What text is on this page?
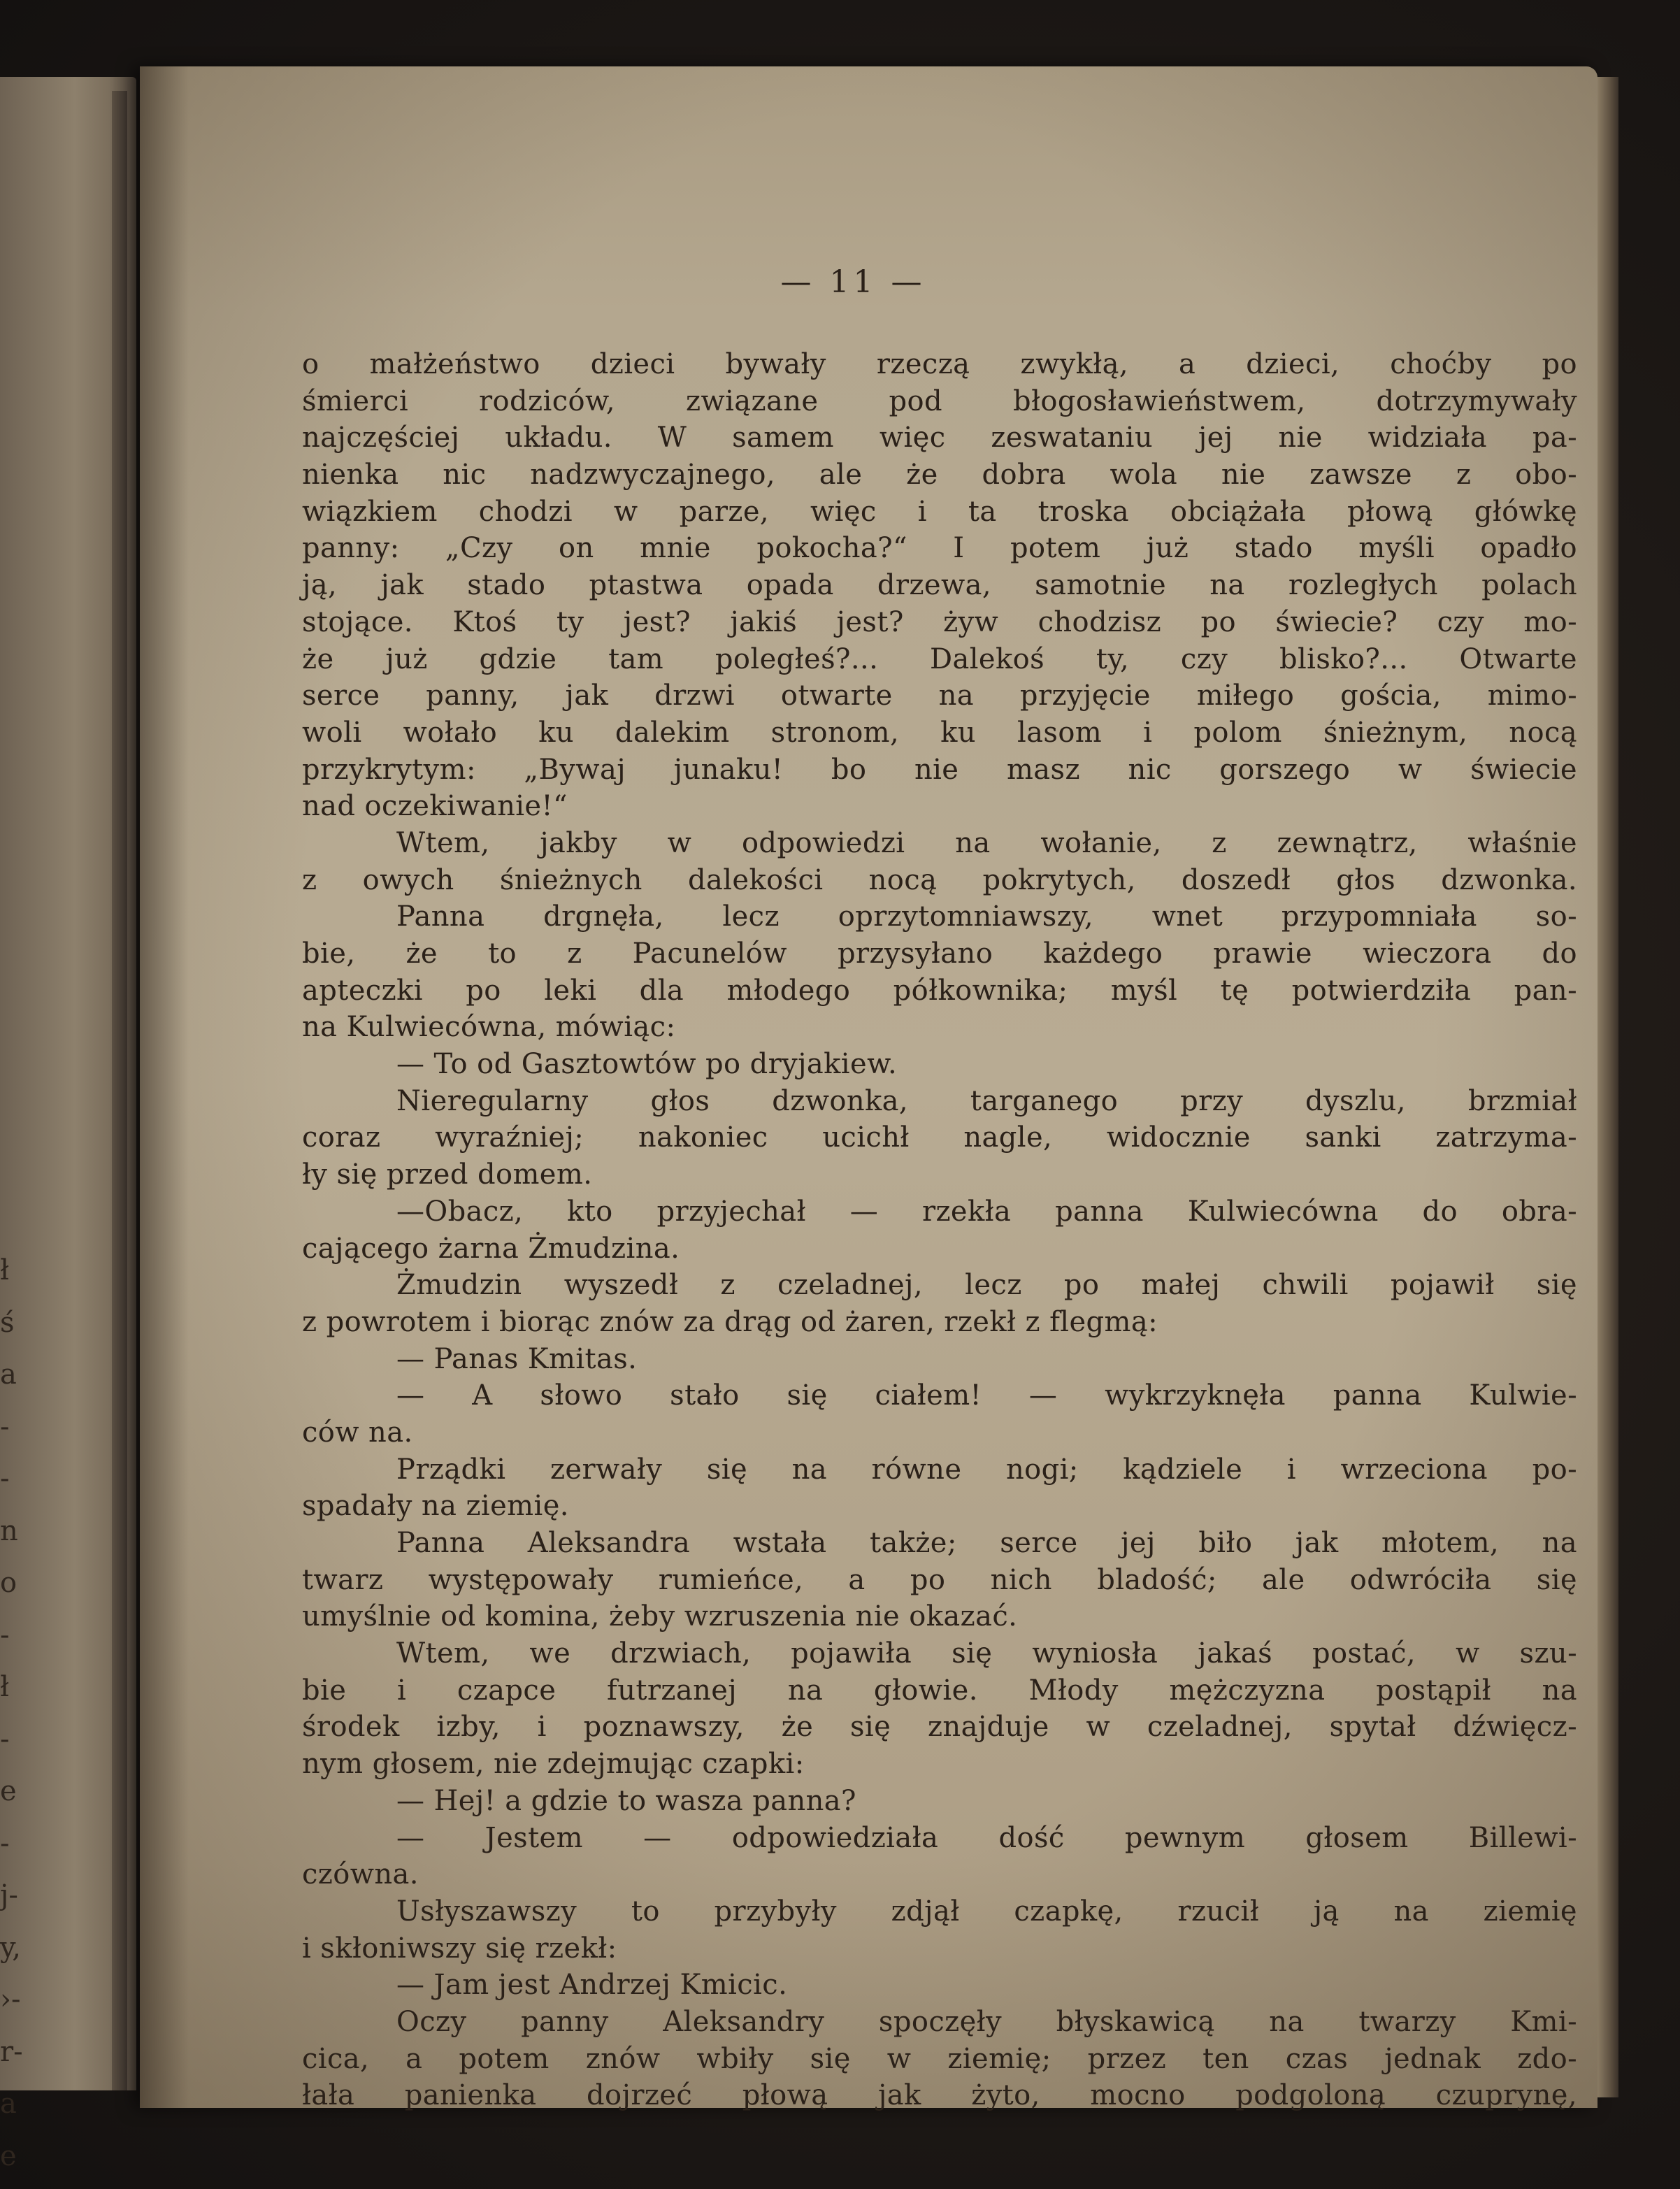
ł
ś
a
-
-
n
o
-
ł
-
e
-
j-
y,
›-
r-
a
e
— 11 —
o małżeństwo dzieci bywały rzeczą zwykłą, a dzieci, choćby po
śmierci rodziców, związane pod błogosławieństwem, dotrzymywały
najczęściej układu. W samem więc zeswataniu jej nie widziała pa-
nienka nic nadzwyczajnego, ale że dobra wola nie zawsze z obo-
wiązkiem chodzi w parze, więc i ta troska obciążała płową główkę
panny: „Czy on mnie pokocha?“ I potem już stado myśli opadło
ją, jak stado ptastwa opada drzewa, samotnie na rozległych polach
stojące. Ktoś ty jest? jakiś jest? żyw chodzisz po świecie? czy mo-
że już gdzie tam poległeś?... Dalekoś ty, czy blisko?... Otwarte
serce panny, jak drzwi otwarte na przyjęcie miłego gościa, mimo-
woli wołało ku dalekim stronom, ku lasom i polom śnieżnym, nocą
przykrytym: „Bywaj junaku! bo nie masz nic gorszego w świecie
nad oczekiwanie!“
Wtem, jakby w odpowiedzi na wołanie, z zewnątrz, właśnie
z owych śnieżnych dalekości nocą pokrytych, doszedł głos dzwonka.
Panna drgnęła, lecz oprzytomniawszy, wnet przypomniała so-
bie, że to z Pacunelów przysyłano każdego prawie wieczora do
apteczki po leki dla młodego półkownika; myśl tę potwierdziła pan-
na Kulwiecówna, mówiąc:
— To od Gasztowtów po dryjakiew.
Nieregularny głos dzwonka, targanego przy dyszlu, brzmiał
coraz wyraźniej; nakoniec ucichł nagle, widocznie sanki zatrzyma-
ły się przed domem.
—Obacz, kto przyjechał — rzekła panna Kulwiecówna do obra-
cającego żarna Żmudzina.
Żmudzin wyszedł z czeladnej, lecz po małej chwili pojawił się
z powrotem i biorąc znów za drąg od żaren, rzekł z flegmą:
— Panas Kmitas.
— A słowo stało się ciałem! — wykrzyknęła panna Kulwie-
ców na.
Prządki zerwały się na równe nogi; kądziele i wrzeciona po-
spadały na ziemię.
Panna Aleksandra wstała także; serce jej biło jak młotem, na
twarz występowały rumieńce, a po nich bladość; ale odwróciła się
umyślnie od komina, żeby wzruszenia nie okazać.
Wtem, we drzwiach, pojawiła się wyniosła jakaś postać, w szu-
bie i czapce futrzanej na głowie. Młody mężczyzna postąpił na
środek izby, i poznawszy, że się znajduje w czeladnej, spytał dźwięcz-
nym głosem, nie zdejmując czapki:
— Hej! a gdzie to wasza panna?
— Jestem — odpowiedziała dość pewnym głosem Billewi-
czówna.
Usłyszawszy to przybyły zdjął czapkę, rzucił ją na ziemię
i skłoniwszy się rzekł:
— Jam jest Andrzej Kmicic.
Oczy panny Aleksandry spoczęły błyskawicą na twarzy Kmi-
cica, a potem znów wbiły się w ziemię; przez ten czas jednak zdo-
łała panienka dojrzeć płową jak żyto, mocno podgoloną czuprynę,
